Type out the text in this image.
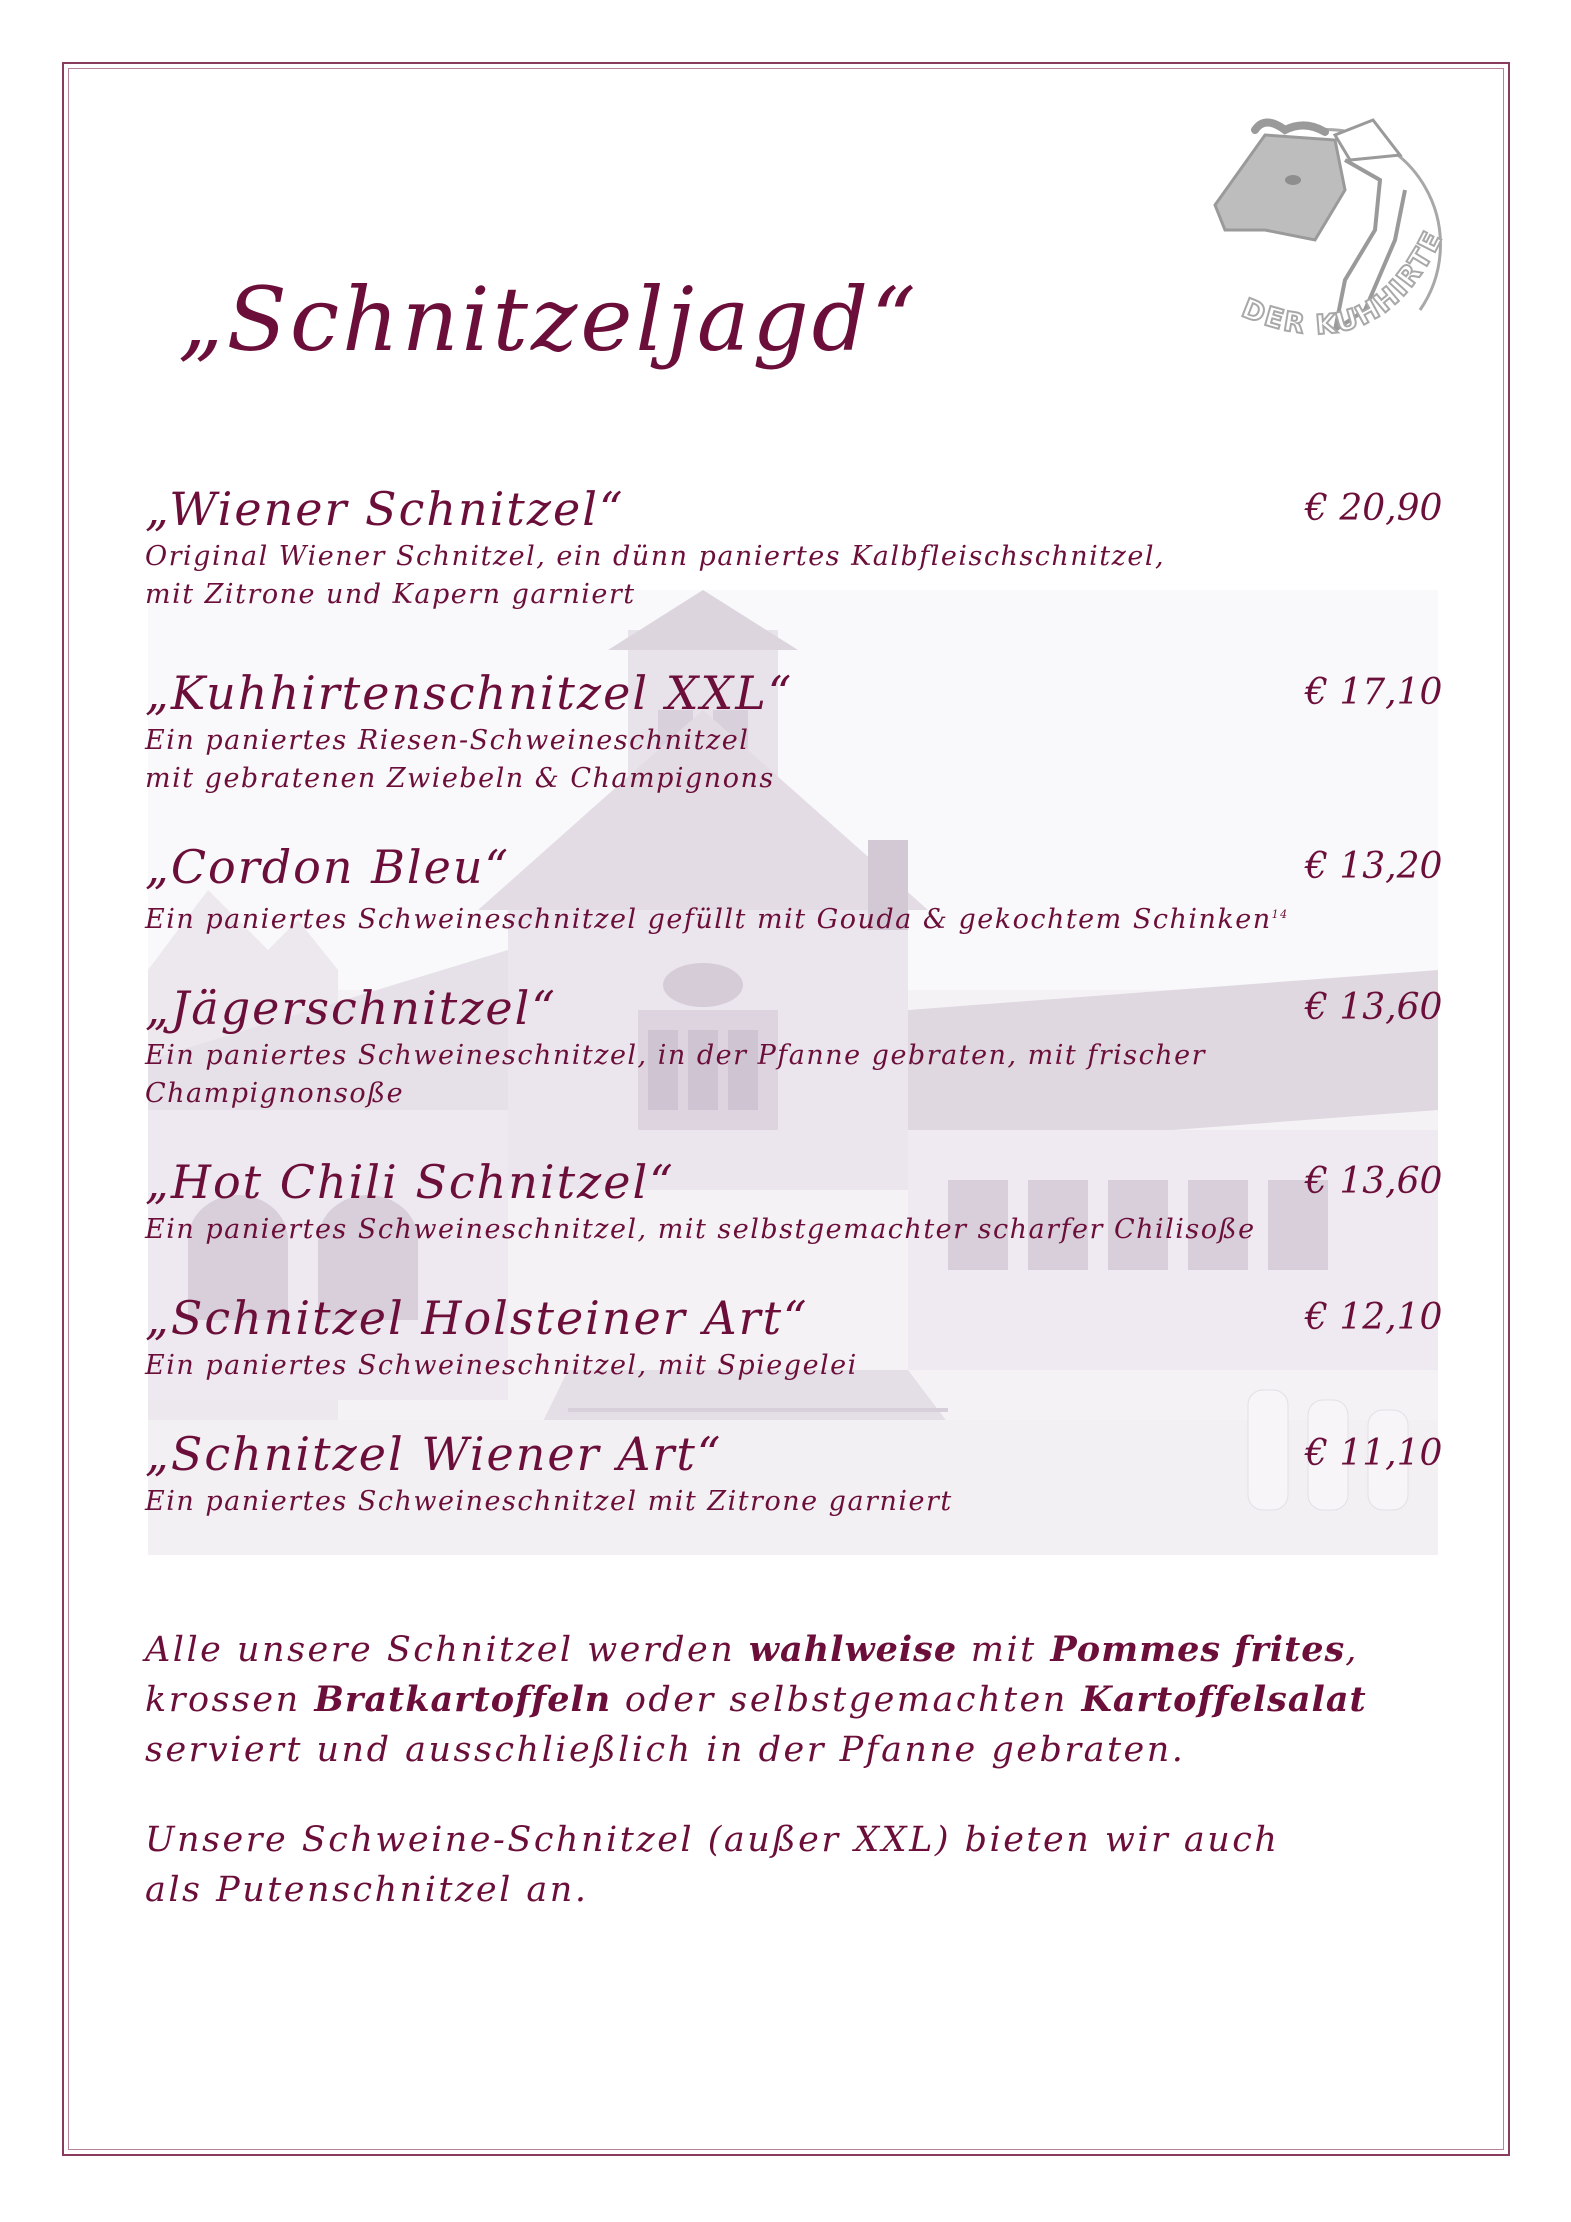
DER KUHHIRTE
„Schnitzeljagd“
„Wiener Schnitzel“	€ 20,90
Original Wiener Schnitzel, ein dünn paniertes Kalbfleischschnitzel,
mit Zitrone und Kapern garniert
„Kuhhirtenschnitzel XXL“	€ 17,10
Ein paniertes Riesen-Schweineschnitzel
mit gebratenen Zwiebeln & Champignons
„Cordon Bleu“	€ 13,20
Ein paniertes Schweineschnitzel gefüllt mit Gouda & gekochtem Schinken$^{14}$
„Jägerschnitzel“	€ 13,60
Ein paniertes Schweineschnitzel, in der Pfanne gebraten, mit frischer
Champignonsoße
„Hot Chili Schnitzel“	€ 13,60
Ein paniertes Schweineschnitzel, mit selbstgemachter scharfer Chilisoße
„Schnitzel Holsteiner Art“	€ 12,10
Ein paniertes Schweineschnitzel, mit Spiegelei
„Schnitzel Wiener Art“	€ 11,10
Ein paniertes Schweineschnitzel mit Zitrone garniert
Alle unsere Schnitzel werden wahlweise mit Pommes frites, krossen Bratkartoffeln oder selbstgemachten Kartoffelsalat serviert und ausschließlich in der Pfanne gebraten.
Unsere Schweine-Schnitzel (außer XXL) bieten wir auch als Putenschnitzel an.
